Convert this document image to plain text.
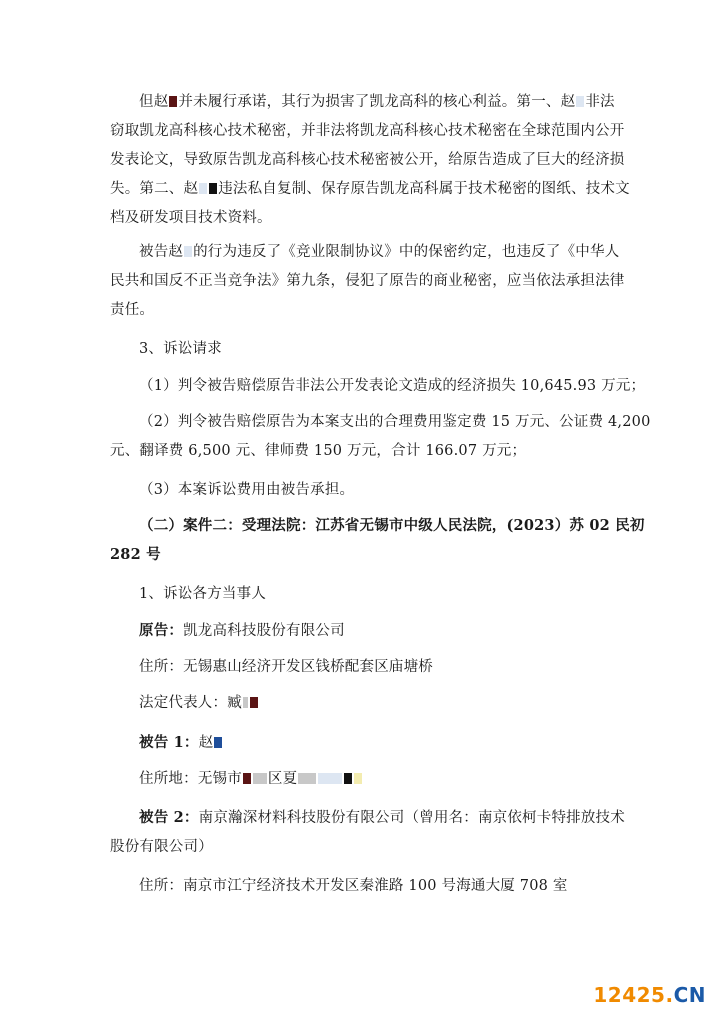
但赵 并未履行承诺，其行为损害了凯龙高科的核心利益。第一、赵 非法
窃取凯龙高科核心技术秘密，并非法将凯龙高科核心技术秘密在全球范围内公开
发表论文，导致原告凯龙高科核心技术秘密被公开，给原告造成了巨大的经济损
失。第二、赵 违法私自复制、保存原告凯龙高科属于技术秘密的图纸、技术文
档及研发项目技术资料。
被告赵 的行为违反了《竞业限制协议》中的保密约定，也违反了《中华人
民共和国反不正当竞争法》第九条，侵犯了原告的商业秘密，应当依法承担法律
责任。
3、诉讼请求
（1）判令被告赔偿原告非法公开发表论文造成的经济损失 10,645.93 万元；
（2）判令被告赔偿原告为本案支出的合理费用鉴定费 15 万元、公证费 4,200
元、翻译费 6,500 元、律师费 150 万元，合计 166.07 万元；
（3）本案诉讼费用由被告承担。
（二）案件二：受理法院：江苏省无锡市中级人民法院，(2023）苏 02 民初
282 号
1、诉讼各方当事人
原告：凯龙高科技股份有限公司
住所：无锡惠山经济开发区钱桥配套区庙塘桥
法定代表人：臧
被告 1：赵
住所地：无锡市 区夏
被告 2：南京瀚深材料科技股份有限公司（曾用名：南京依柯卡特排放技术
股份有限公司）
住所：南京市江宁经济技术开发区秦淮路 100 号海通大厦 708 室
12425.CN
